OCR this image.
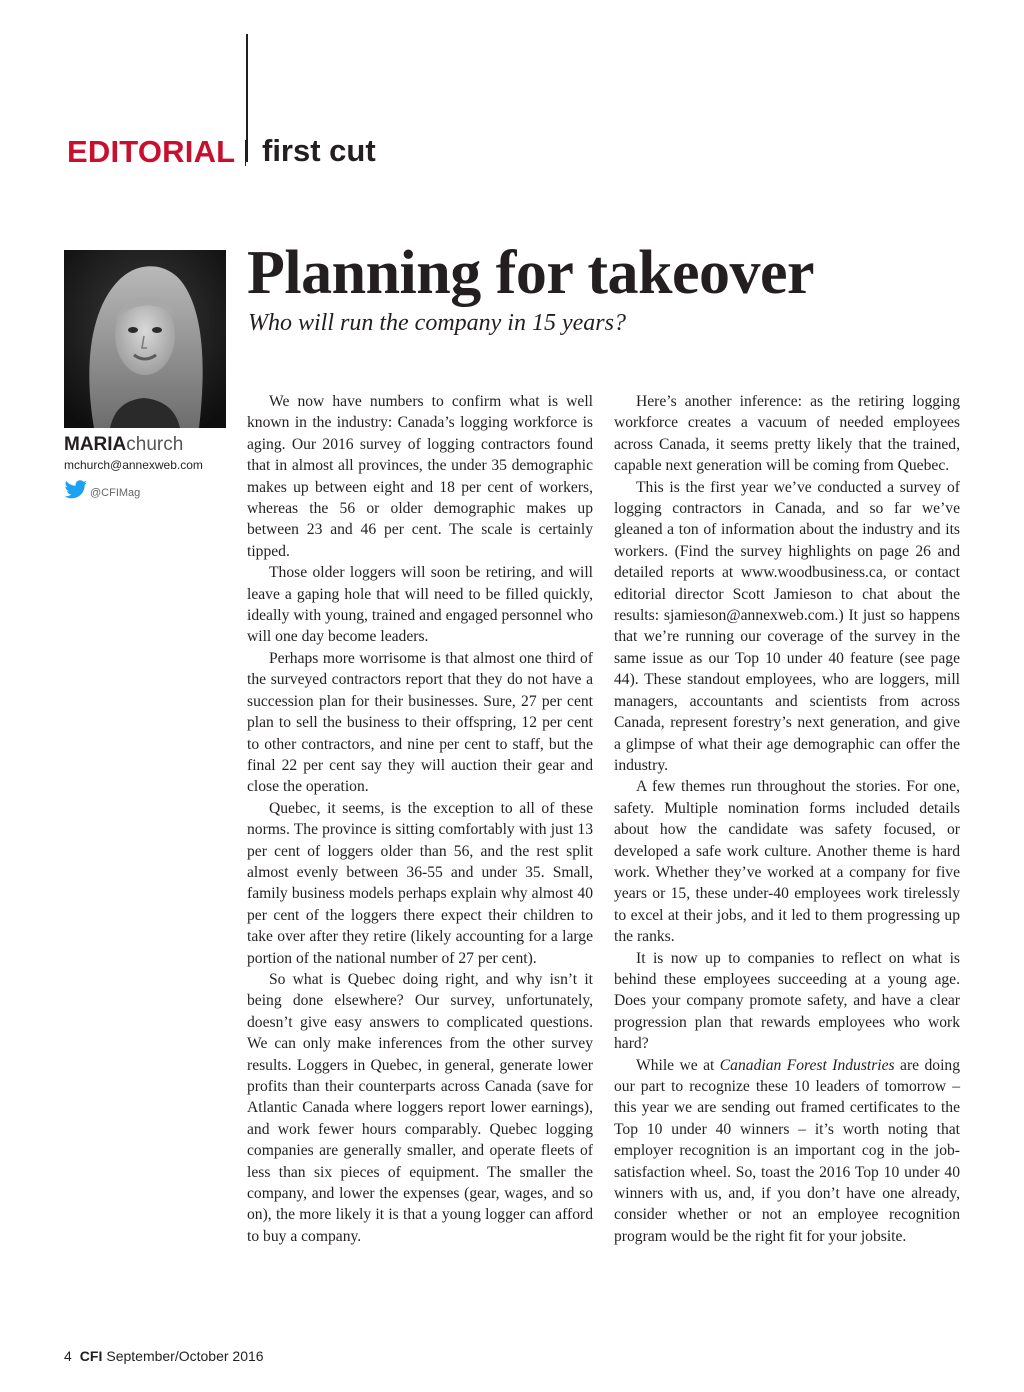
EDITORIAL first cut
MARIAchurch
mchurch@annexweb.com
@CFIMag
Planning for takeover
Who will run the company in 15 years?

We now have numbers to confirm what is well known in the industry: Canada’s logging workforce is aging. Our 2016 survey of logging contractors found that in almost all provinces, the under 35 demographic makes up between eight and 18 per cent of workers, whereas the 56 or older demographic makes up between 23 and 46 per cent. The scale is certainly tipped.

Those older loggers will soon be retiring, and will leave a gaping hole that will need to be filled quickly, ideally with young, trained and engaged personnel who will one day become leaders.

Perhaps more worrisome is that almost one third of the surveyed contractors report that they do not have a succession plan for their businesses. Sure, 27 per cent plan to sell the business to their offspring, 12 per cent to other contractors, and nine per cent to staff, but the final 22 per cent say they will auction their gear and close the operation.

Quebec, it seems, is the exception to all of these norms. The province is sitting comfortably with just 13 per cent of loggers older than 56, and the rest split almost evenly between 36-55 and under 35. Small, family business models perhaps explain why almost 40 per cent of the loggers there expect their children to take over after they retire (likely accounting for a large portion of the national number of 27 per cent).

So what is Quebec doing right, and why isn’t it being done elsewhere? Our survey, unfortunately, doesn’t give easy answers to complicated questions. We can only make inferences from the other survey results. Loggers in Quebec, in general, generate lower profits than their counterparts across Canada (save for Atlantic Canada where loggers report lower earnings), and work fewer hours comparably. Quebec logging companies are generally smaller, and operate fleets of less than six pieces of equipment. The smaller the company, and lower the expenses (gear, wages, and so on), the more likely it is that a young logger can afford to buy a company.

Here’s another inference: as the retiring logging workforce creates a vacuum of needed employees across Canada, it seems pretty likely that the trained, capable next generation will be coming from Quebec.

This is the first year we’ve conducted a survey of logging contractors in Canada, and so far we’ve gleaned a ton of information about the industry and its workers. (Find the survey highlights on page 26 and detailed reports at www.woodbusiness.ca, or contact editorial director Scott Jamieson to chat about the results: sjamieson@annexweb.com.) It just so happens that we’re running our coverage of the survey in the same issue as our Top 10 under 40 feature (see page 44). These standout employees, who are loggers, mill managers, accountants and scientists from across Canada, represent forestry’s next generation, and give a glimpse of what their age demographic can offer the industry.

A few themes run throughout the stories. For one, safety. Multiple nomination forms included details about how the candidate was safety focused, or developed a safe work culture. Another theme is hard work. Whether they’ve worked at a company for five years or 15, these under-40 employees work tirelessly to excel at their jobs, and it led to them progressing up the ranks.

It is now up to companies to reflect on what is behind these employees succeeding at a young age. Does your company promote safety, and have a clear progression plan that rewards employees who work hard?

While we at Canadian Forest Industries are doing our part to recognize these 10 leaders of tomorrow – this year we are sending out framed certificates to the Top 10 under 40 winners – it’s worth noting that employer recognition is an important cog in the job-satisfaction wheel. So, toast the 2016 Top 10 under 40 winners with us, and, if you don’t have one already, consider whether or not an employee recognition program would be the right fit for your jobsite.

4 CFI September/October 2016
